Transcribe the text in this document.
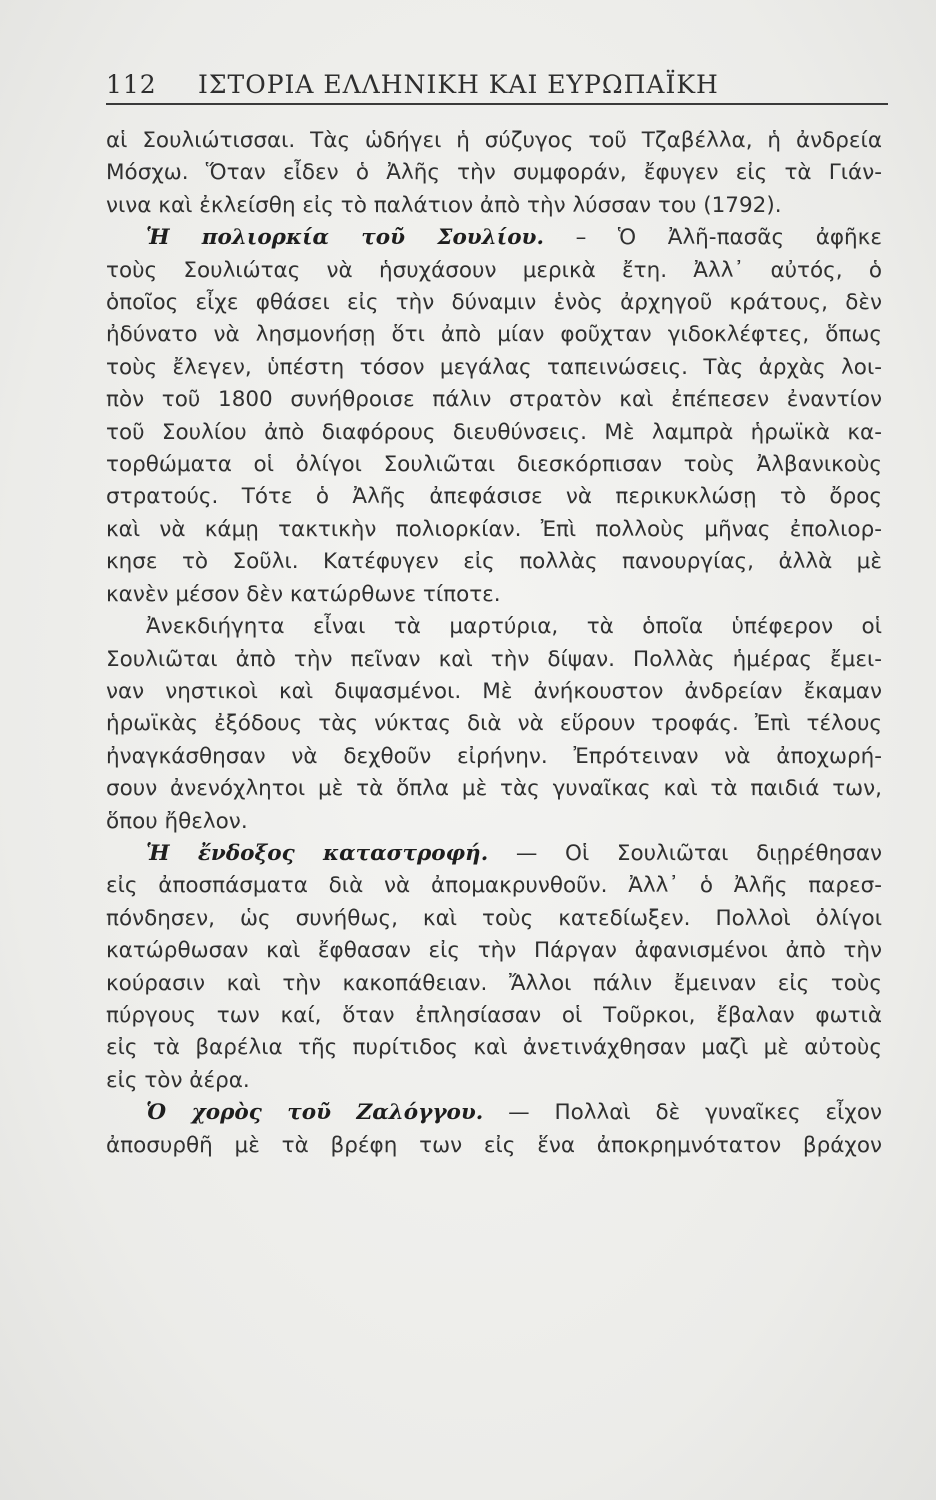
112 ΙΣΤΟΡΙΑ ΕΛΛΗΝΙΚΗ ΚΑΙ ΕΥΡΩΠΑΪΚΗ
αἱ Σουλιώτισσαι. Τὰς ὡδήγει ἡ σύζυγος τοῦ Τζαβέλλα, ἡ ἀνδρεία
Μόσχω. Ὅταν εἶδεν ὁ Ἀλῆς τὴν συμφοράν, ἔφυγεν εἰς τὰ Γιάν-
νινα καὶ ἐκλείσθη εἰς τὸ παλάτιον ἀπὸ τὴν λύσσαν του (1792).
Ἡ πολιορκία τοῦ Σουλίου. – Ὁ Ἀλῆ-πασᾶς ἀφῆκε
τοὺς Σουλιώτας νὰ ἡσυχάσουν μερικὰ ἔτη. Ἀλλ᾽ αὐτός, ὁ
ὁποῖος εἶχε φθάσει εἰς τὴν δύναμιν ἑνὸς ἀρχηγοῦ κράτους, δὲν
ἠδύνατο νὰ λησμονήσῃ ὅτι ἀπὸ μίαν φοῦχταν γιδοκλέφτες, ὅπως
τοὺς ἔλεγεν, ὑπέστη τόσον μεγάλας ταπεινώσεις. Τὰς ἀρχὰς λοι-
πὸν τοῦ 1800 συνήθροισε πάλιν στρατὸν καὶ ἐπέπεσεν ἐναντίον
τοῦ Σουλίου ἀπὸ διαφόρους διευθύνσεις. Μὲ λαμπρὰ ἡρωϊκὰ κα-
τορθώματα οἱ ὀλίγοι Σουλιῶται διεσκόρπισαν τοὺς Ἀλβανικοὺς
στρατούς. Τότε ὁ Ἀλῆς ἀπεφάσισε νὰ περικυκλώσῃ τὸ ὄρος
καὶ νὰ κάμῃ τακτικὴν πολιορκίαν. Ἐπὶ πολλοὺς μῆνας ἐπολιορ-
κησε τὸ Σοῦλι. Κατέφυγεν εἰς πολλὰς πανουργίας, ἀλλὰ μὲ
κανὲν μέσον δὲν κατώρθωνε τίποτε.
Ἀνεκδιήγητα εἶναι τὰ μαρτύρια, τὰ ὁποῖα ὑπέφερον οἱ
Σουλιῶται ἀπὸ τὴν πεῖναν καὶ τὴν δίψαν. Πολλὰς ἡμέρας ἔμει-
ναν νηστικοὶ καὶ διψασμένοι. Μὲ ἀνήκουστον ἀνδρείαν ἔκαμαν
ἡρωϊκὰς ἐξόδους τὰς νύκτας διὰ νὰ εὕρουν τροφάς. Ἐπὶ τέλους
ἠναγκάσθησαν νὰ δεχθοῦν εἰρήνην. Ἐπρότειναν νὰ ἀποχωρή-
σουν ἀνενόχλητοι μὲ τὰ ὅπλα μὲ τὰς γυναῖκας καὶ τὰ παιδιά των,
ὅπου ἤθελον.
Ἡ ἔνδοξος καταστροφή. — Οἱ Σουλιῶται διῃρέθησαν
εἰς ἀποσπάσματα διὰ νὰ ἀπομακρυνθοῦν. Ἀλλ᾽ ὁ Ἀλῆς παρεσ-
πόνδησεν, ὡς συνήθως, καὶ τοὺς κατεδίωξεν. Πολλοὶ ὀλίγοι
κατώρθωσαν καὶ ἔφθασαν εἰς τὴν Πάργαν ἀφανισμένοι ἀπὸ τὴν
κούρασιν καὶ τὴν κακοπάθειαν. Ἄλλοι πάλιν ἔμειναν εἰς τοὺς
πύργους των καί, ὅταν ἐπλησίασαν οἱ Τοῦρκοι, ἔβαλαν φωτιὰ
εἰς τὰ βαρέλια τῆς πυρίτιδος καὶ ἀνετινάχθησαν μαζὶ μὲ αὐτοὺς
εἰς τὸν ἀέρα.
Ὁ χορὸς τοῦ Ζαλόγγου. — Πολλαὶ δὲ γυναῖκες εἶχον
ἀποσυρθῆ μὲ τὰ βρέφη των εἰς ἕνα ἀποκρημνότατον βράχον
